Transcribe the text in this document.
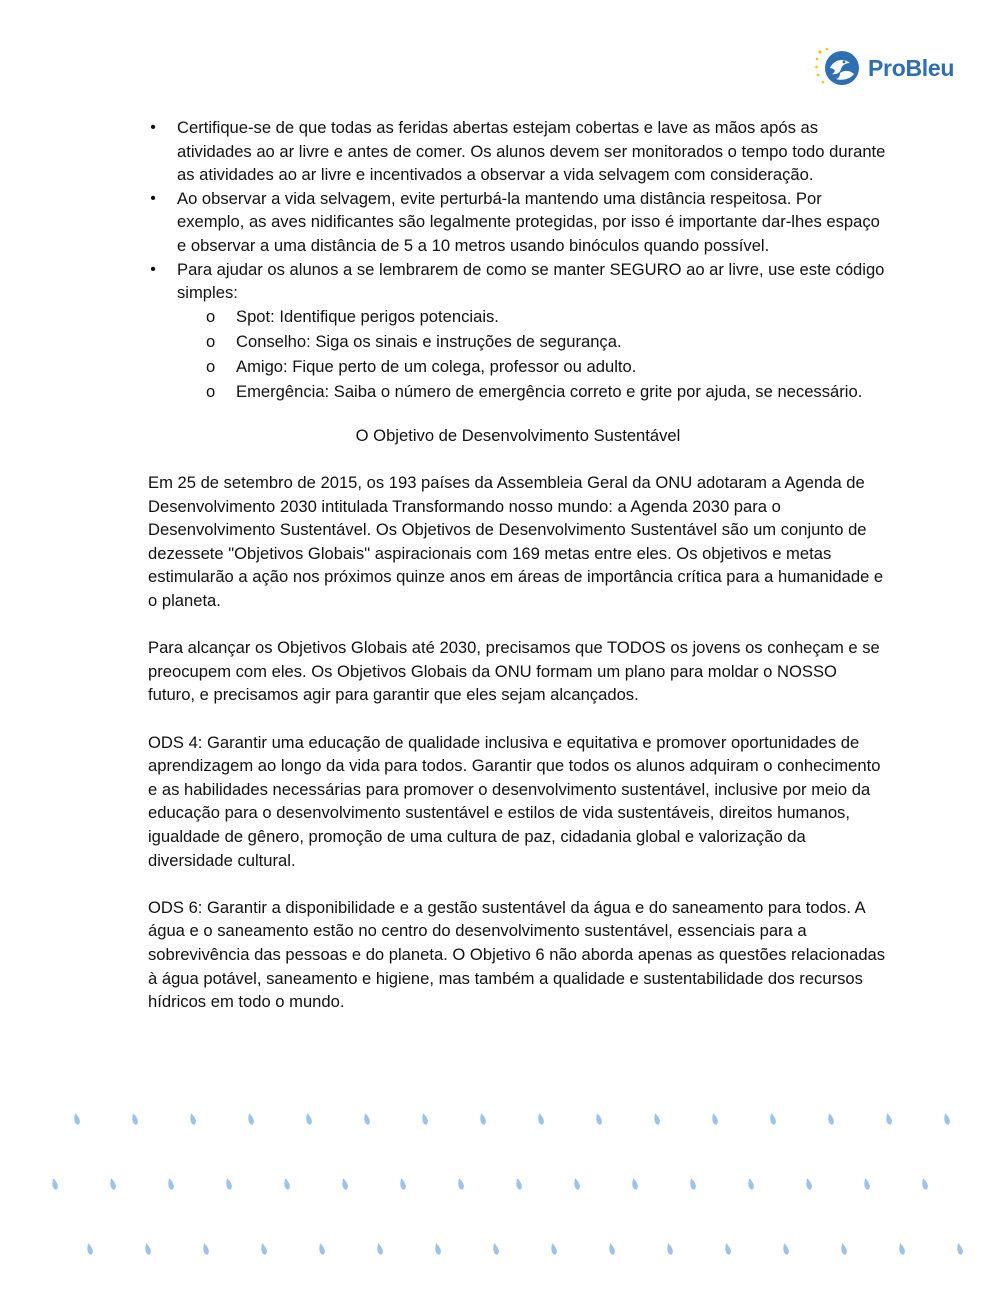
ProBleu
• Certifique-se de que todas as feridas abertas estejam cobertas e lave as mãos após as atividades ao ar livre e antes de comer. Os alunos devem ser monitorados o tempo todo durante as atividades ao ar livre e incentivados a observar a vida selvagem com consideração.
• Ao observar a vida selvagem, evite perturbá-la mantendo uma distância respeitosa. Por exemplo, as aves nidificantes são legalmente protegidas, por isso é importante dar-lhes espaço e observar a uma distância de 5 a 10 metros usando binóculos quando possível.
• Para ajudar os alunos a se lembrarem de como se manter SEGURO ao ar livre, use este código simples:
o Spot: Identifique perigos potenciais.
o Conselho: Siga os sinais e instruções de segurança.
o Amigo: Fique perto de um colega, professor ou adulto.
o Emergência: Saiba o número de emergência correto e grite por ajuda, se necessário.
O Objetivo de Desenvolvimento Sustentável

Em 25 de setembro de 2015, os 193 países da Assembleia Geral da ONU adotaram a Agenda de Desenvolvimento 2030 intitulada Transformando nosso mundo: a Agenda 2030 para o Desenvolvimento Sustentável. Os Objetivos de Desenvolvimento Sustentável são um conjunto de dezessete "Objetivos Globais" aspiracionais com 169 metas entre eles. Os objetivos e metas estimularão a ação nos próximos quinze anos em áreas de importância crítica para a humanidade e o planeta.

Para alcançar os Objetivos Globais até 2030, precisamos que TODOS os jovens os conheçam e se preocupem com eles. Os Objetivos Globais da ONU formam um plano para moldar o NOSSO futuro, e precisamos agir para garantir que eles sejam alcançados.

ODS 4: Garantir uma educação de qualidade inclusiva e equitativa e promover oportunidades de aprendizagem ao longo da vida para todos. Garantir que todos os alunos adquiram o conhecimento e as habilidades necessárias para promover o desenvolvimento sustentável, inclusive por meio da educação para o desenvolvimento sustentável e estilos de vida sustentáveis, direitos humanos, igualdade de gênero, promoção de uma cultura de paz, cidadania global e valorização da diversidade cultural.

ODS 6: Garantir a disponibilidade e a gestão sustentável da água e do saneamento para todos. A água e o saneamento estão no centro do desenvolvimento sustentável, essenciais para a sobrevivência das pessoas e do planeta. O Objetivo 6 não aborda apenas as questões relacionadas à água potável, saneamento e higiene, mas também a qualidade e sustentabilidade dos recursos hídricos em todo o mundo.
